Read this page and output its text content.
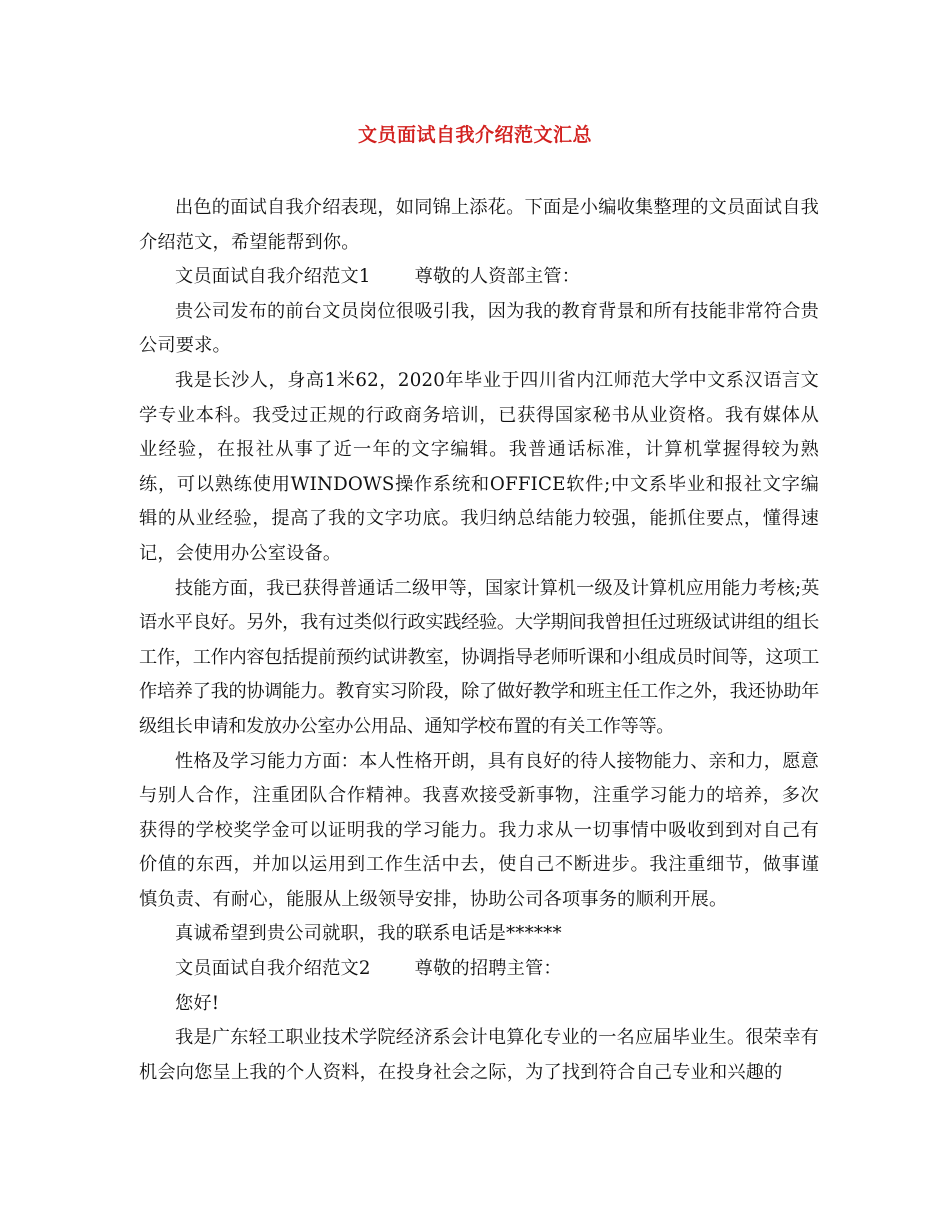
文员面试自我介绍范文汇总

出色的面试自我介绍表现，如同锦上添花。下面是小编收集整理的文员面试自我介绍范文，希望能帮到你。

文员面试自我介绍范文1 尊敬的人资部主管：

贵公司发布的前台文员岗位很吸引我，因为我的教育背景和所有技能非常符合贵公司要求。

我是长沙人，身高1米62，2020年毕业于四川省内江师范大学中文系汉语言文学专业本科。我受过正规的行政商务培训，已获得国家秘书从业资格。我有媒体从业经验，在报社从事了近一年的文字编辑。我普通话标准，计算机掌握得较为熟练，可以熟练使用WINDOWS操作系统和OFFICE软件;中文系毕业和报社文字编辑的从业经验，提高了我的文字功底。我归纳总结能力较强，能抓住要点，懂得速记，会使用办公室设备。

技能方面，我已获得普通话二级甲等，国家计算机一级及计算机应用能力考核;英语水平良好。另外，我有过类似行政实践经验。大学期间我曾担任过班级试讲组的组长工作，工作内容包括提前预约试讲教室，协调指导老师听课和小组成员时间等，这项工作培养了我的协调能力。教育实习阶段，除了做好教学和班主任工作之外，我还协助年级组长申请和发放办公室办公用品、通知学校布置的有关工作等等。

性格及学习能力方面：本人性格开朗，具有良好的待人接物能力、亲和力，愿意与别人合作，注重团队合作精神。我喜欢接受新事物，注重学习能力的培养，多次获得的学校奖学金可以证明我的学习能力。我力求从一切事情中吸收到到对自己有价值的东西，并加以运用到工作生活中去，使自己不断进步。我注重细节，做事谨慎负责、有耐心，能服从上级领导安排，协助公司各项事务的顺利开展。

真诚希望到贵公司就职，我的联系电话是******

文员面试自我介绍范文2 尊敬的招聘主管：

您好!

我是广东轻工职业技术学院经济系会计电算化专业的一名应届毕业生。很荣幸有机会向您呈上我的个人资料，在投身社会之际，为了找到符合自己专业和兴趣的
